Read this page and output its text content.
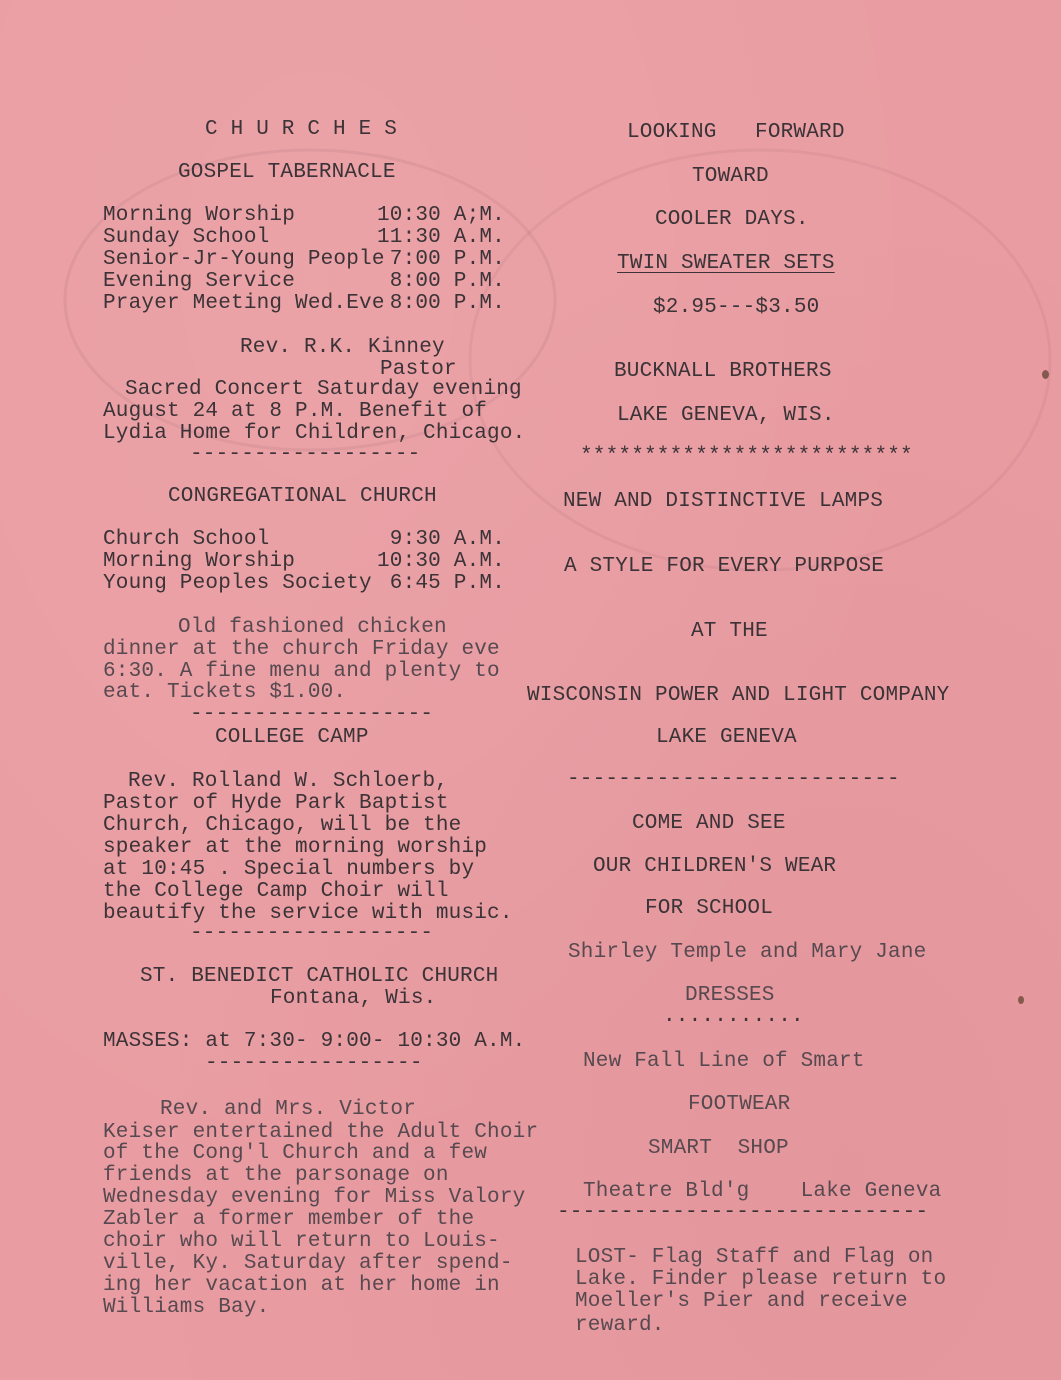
C H U R C H E S
GOSPEL TABERNACLE
Morning Worship	10:30 A;M.
Sunday School	11:30 A.M.
Senior-Jr-Young People 7:00 P.M.
Evening Service	8:00 P.M.
Prayer Meeting Wed.Eve 8:00 P.M.
Rev. R.K. Kinney
Pastor
Sacred Concert Saturday evening
August 24 at 8 P.M. Benefit of
Lydia Home for Children, Chicago.
------------------
CONGREGATIONAL CHURCH
Church School	9:30 A.M.
Morning Worship	10:30 A.M.
Young Peoples Society 6:45 P.M.
Old fashioned chicken
dinner at the church Friday eve
6:30. A fine menu and plenty to
eat. Tickets $1.00.
-------------------
COLLEGE CAMP
Rev. Rolland W. Schloerb,
Pastor of Hyde Park Baptist
Church, Chicago, will be the
speaker at the morning worship
at 10:45 . Special numbers by
the College Camp Choir will
beautify the service with music.
-------------------
ST. BENEDICT CATHOLIC CHURCH
Fontana, Wis.
MASSES: at 7:30- 9:00- 10:30 A.M.
-----------------
Rev. and Mrs. Victor
Keiser entertained the Adult Choir
of the Cong'l Church and a few
friends at the parsonage on
Wednesday evening for Miss Valory
Zabler a former member of the
choir who will return to Louis-
ville, Ky. Saturday after spend-
ing her vacation at her home in
Williams Bay.
LOOKING   FORWARD
TOWARD
COOLER DAYS.
TWIN SWEATER SETS
$2.95---$3.50
BUCKNALL BROTHERS
LAKE GENEVA, WIS.
**************************
NEW AND DISTINCTIVE LAMPS
A STYLE FOR EVERY PURPOSE
AT THE
WISCONSIN POWER AND LIGHT COMPANY
LAKE GENEVA
--------------------------
COME AND SEE
OUR CHILDREN'S WEAR
FOR SCHOOL
Shirley Temple and Mary Jane
DRESSES
...........
New Fall Line of Smart
FOOTWEAR
SMART  SHOP
Theatre Bld'g    Lake Geneva
-----------------------------
LOST- Flag Staff and Flag on
Lake. Finder please return to
Moeller's Pier and receive
reward.
